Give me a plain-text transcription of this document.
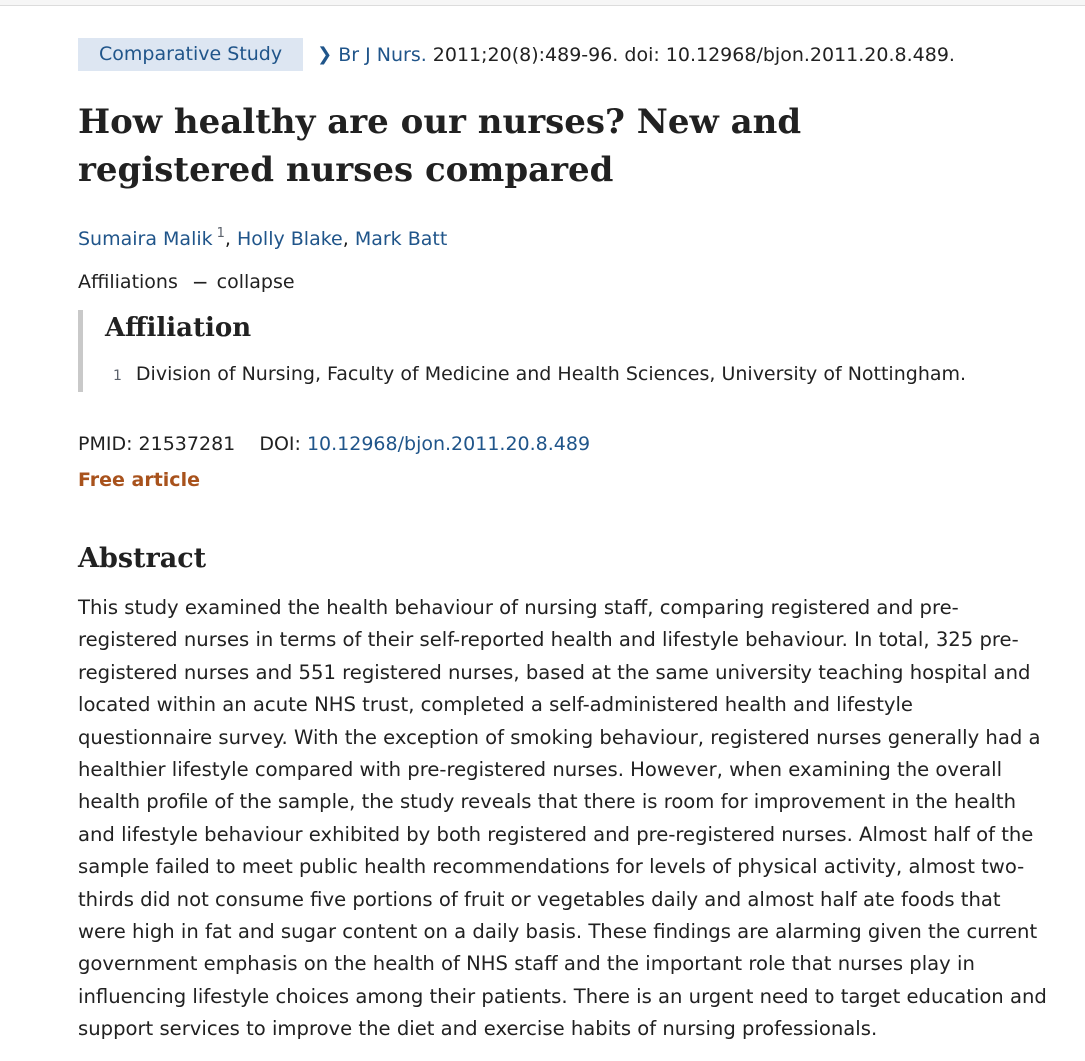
Comparative Study	❯ Br J Nurs. 2011;20(8):489-96. doi: 10.12968/bjon.2011.20.8.489.
How healthy are our nurses? New and registered nurses compared
Sumaira Malik $^1$, Holly Blake, Mark Batt
Affiliations − collapse
Affiliation
1 Division of Nursing, Faculty of Medicine and Health Sciences, University of Nottingham.
PMID: 21537281 DOI: 10.12968/bjon.2011.20.8.489
Free article
Abstract
This study examined the health behaviour of nursing staff, comparing registered and pre-registered nurses in terms of their self-reported health and lifestyle behaviour. In total, 325 pre-registered nurses and 551 registered nurses, based at the same university teaching hospital and located within an acute NHS trust, completed a self-administered health and lifestyle questionnaire survey. With the exception of smoking behaviour, registered nurses generally had a healthier lifestyle compared with pre-registered nurses. However, when examining the overall health profile of the sample, the study reveals that there is room for improvement in the health and lifestyle behaviour exhibited by both registered and pre-registered nurses. Almost half of the sample failed to meet public health recommendations for levels of physical activity, almost two-thirds did not consume five portions of fruit or vegetables daily and almost half ate foods that were high in fat and sugar content on a daily basis. These findings are alarming given the current government emphasis on the health of NHS staff and the important role that nurses play in influencing lifestyle choices among their patients. There is an urgent need to target education and support services to improve the diet and exercise habits of nursing professionals.
